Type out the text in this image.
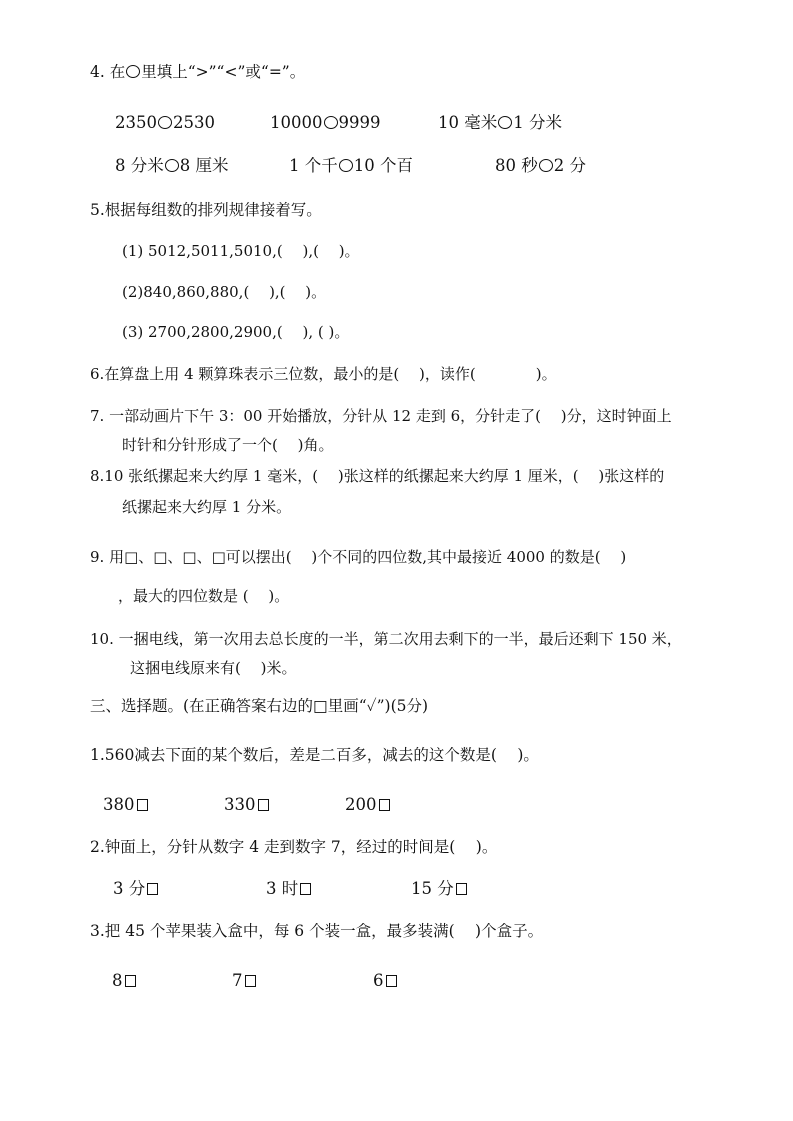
4. 在 里填上“>”“<”或“=”。
2350 2530	10000 9999	10 毫米 1 分米
8 分米 8 厘米	1 个千 10 个百	80 秒 2 分
5.根据每组数的排列规律接着写。
(1) 5012,5011,5010,(　 ),(　 )。
(2)840,860,880,(　 ),(　 )。
(3) 2700,2800,2900,(　 ), ( )。
6.在算盘上用 4 颗算珠表示三位数，最小的是(　 )，读作(　　　　)。
7. 一部动画片下午 3：00 开始播放，分针从 12 走到 6，分针走了(　 )分，这时钟面上
时针和分针形成了一个(　 )角。
8.10 张纸摞起来大约厚 1 毫米，(　 )张这样的纸摞起来大约厚 1 厘米，(　 )张这样的
纸摞起来大约厚 1 分米。
9. 用□、□、□、□可以摆出(　 )个不同的四位数,其中最接近 4000 的数是(　 )
，最大的四位数是 (　 )。
10. 一捆电线，第一次用去总长度的一半，第二次用去剩下的一半，最后还剩下 150 米，
这捆电线原来有(　 )米。
三、选择题。(在正确答案右边的□里画“✓”)(5分)
1.560减去下面的某个数后，差是二百多，减去的这个数是(　 )。
380	330	200
2.钟面上，分针从数字 4 走到数字 7，经过的时间是(　 )。
3 分	3 时	15 分
3.把 45 个苹果装入盒中，每 6 个装一盒，最多装满(　 )个盒子。
8	7	6
